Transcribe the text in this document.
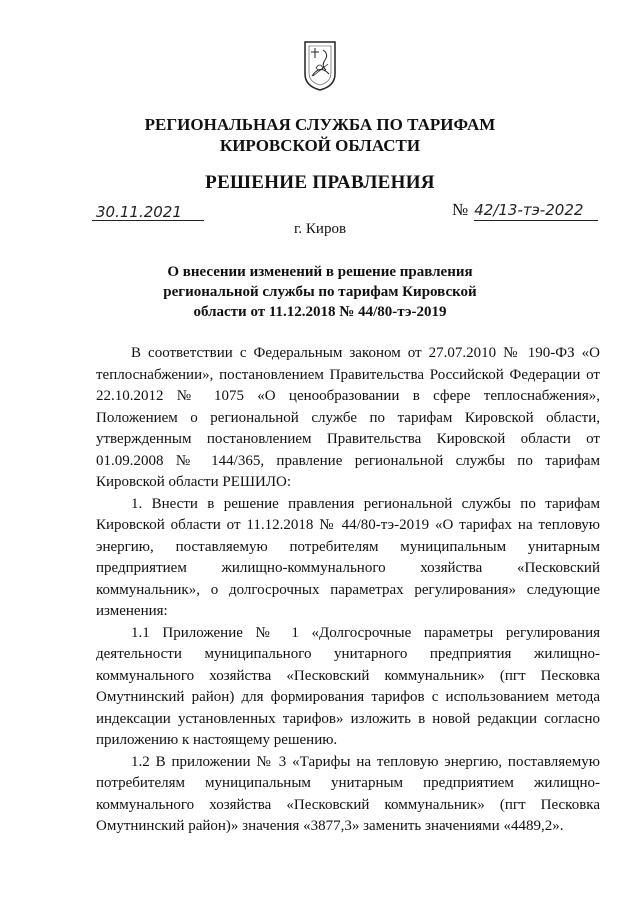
РЕГИОНАЛЬНАЯ СЛУЖБА ПО ТАРИФАМ
КИРОВСКОЙ ОБЛАСТИ
РЕШЕНИЕ ПРАВЛЕНИЯ
30.11.2021	№ 42/13-тэ-2022
г. Киров
О внесении изменений в решение правления
региональной службы по тарифам Кировской
области от 11.12.2018 № 44/80-тэ-2019

В соответствии с Федеральным законом от 27.07.2010 № 190-ФЗ «О теплоснабжении», постановлением Правительства Российской Федерации от 22.10.2012 № 1075 «О ценообразовании в сфере теплоснабжения», Положением о региональной службе по тарифам Кировской области, утвержденным постановлением Правительства Кировской области от 01.09.2008 № 144/365, правление региональной службы по тарифам Кировской области РЕШИЛО:

1. Внести в решение правления региональной службы по тарифам Кировской области от 11.12.2018 № 44/80-тэ-2019 «О тарифах на тепловую энергию, поставляемую потребителям муниципальным унитарным предприятием жилищно-коммунального хозяйства «Песковский коммунальник», о долгосрочных параметрах регулирования» следующие изменения:

1.1 Приложение № 1 «Долгосрочные параметры регулирования деятельности муниципального унитарного предприятия жилищно-коммунального хозяйства «Песковский коммунальник» (пгт Песковка Омутнинский район) для формирования тарифов с использованием метода индексации установленных тарифов» изложить в новой редакции согласно приложению к настоящему решению.

1.2 В приложении № 3 «Тарифы на тепловую энергию, поставляемую потребителям муниципальным унитарным предприятием жилищно-коммунального хозяйства «Песковский коммунальник» (пгт Песковка Омутнинский район)» значения «3877,3» заменить значениями «4489,2».
